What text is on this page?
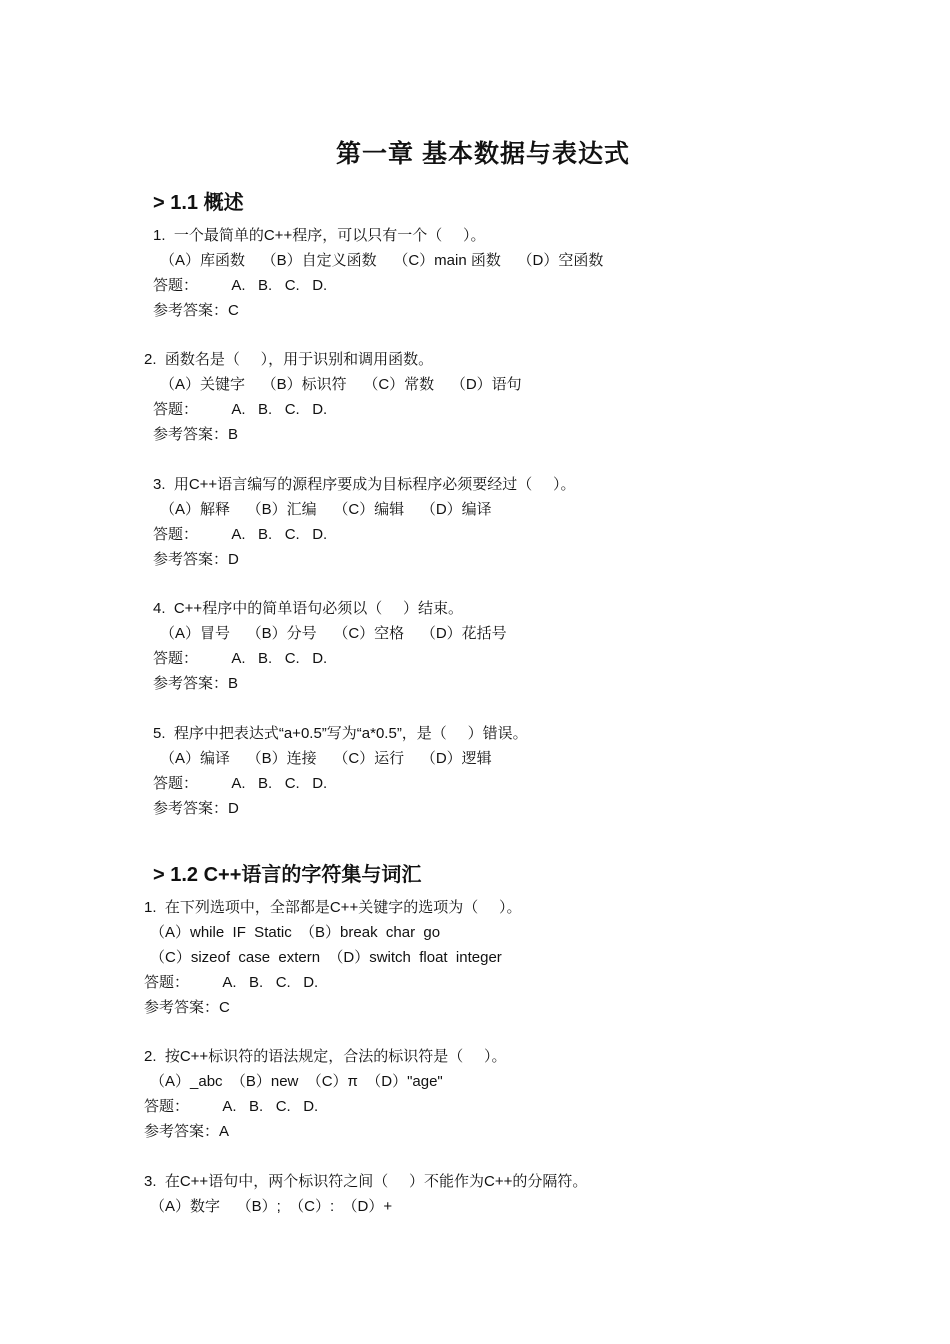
第一章 基本数据与表达式
> 1.1 概述
1.  一个最简单的C++程序，可以只有一个（     ）。
（A）库函数    （B）自定义函数    （C）main 函数    （D）空函数
答题：        A.   B.   C.   D.
参考答案：C
2.  函数名是（     ），用于识别和调用函数。
（A）关键字    （B）标识符    （C）常数    （D）语句
答题：        A.   B.   C.   D.
参考答案：B
3.  用C++语言编写的源程序要成为目标程序必须要经过（     ）。
（A）解释    （B）汇编    （C）编辑    （D）编译
答题：        A.   B.   C.   D.
参考答案：D
4.  C++程序中的简单语句必须以（     ）结束。
（A）冒号    （B）分号    （C）空格    （D）花括号
答题：        A.   B.   C.   D.
参考答案：B
5.  程序中把表达式“a+0.5”写为“a*0.5”，是（     ）错误。
（A）编译    （B）连接    （C）运行    （D）逻辑
答题：        A.   B.   C.   D.
参考答案：D
> 1.2 C++语言的字符集与词汇
1.  在下列选项中，全部都是C++关键字的选项为（     ）。
（A）while  IF  Static  （B）break  char  go
（C）sizeof  case  extern  （D）switch  float  integer
答题：        A.   B.   C.   D.
参考答案：C
2.  按C++标识符的语法规定，合法的标识符是（     ）。
（A）_abc  （B）new  （C）π  （D）"age"
答题：        A.   B.   C.   D.
参考答案：A
3.  在C++语句中，两个标识符之间（     ）不能作为C++的分隔符。
（A）数字    （B）;  （C）:  （D）+
